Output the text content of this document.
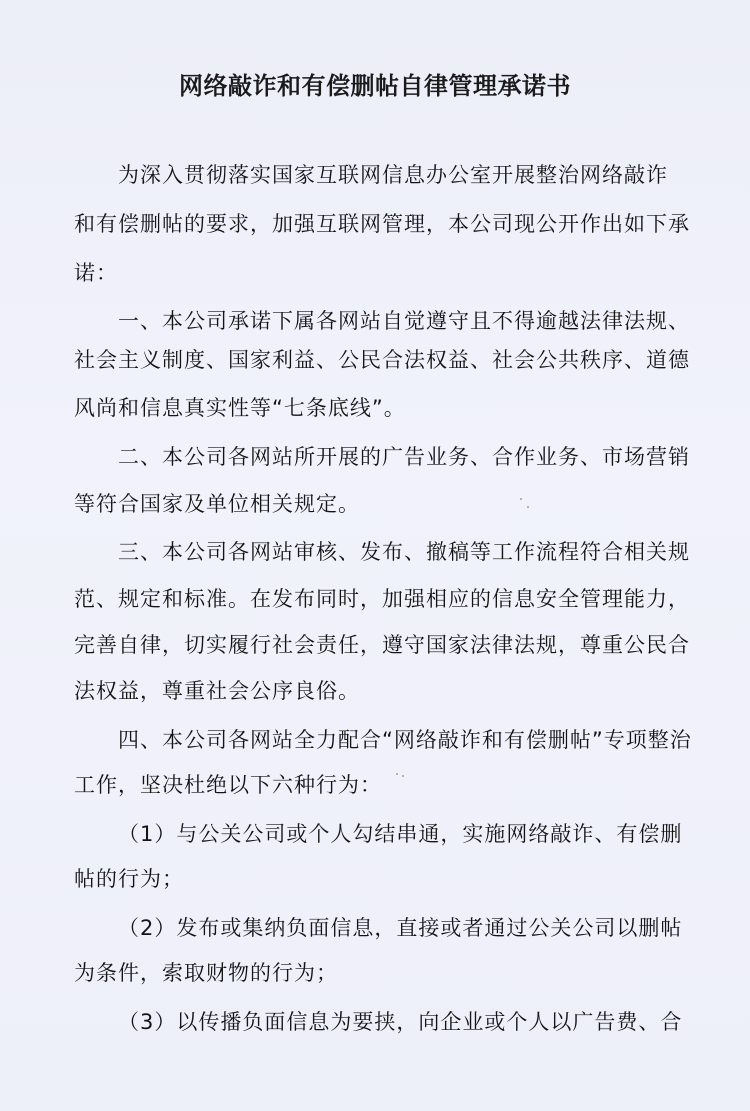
网络敲诈和有偿删帖自律管理承诺书
为深入贯彻落实国家互联网信息办公室开展整治网络敲诈
和有偿删帖的要求，加强互联网管理，本公司现公开作出如下承
诺：
一、本公司承诺下属各网站自觉遵守且不得逾越法律法规、
社会主义制度、国家利益、公民合法权益、社会公共秩序、道德
风尚和信息真实性等“七条底线”。
二、本公司各网站所开展的广告业务、合作业务、市场营销
等符合国家及单位相关规定。
三、本公司各网站审核、发布、撤稿等工作流程符合相关规
范、规定和标准。在发布同时，加强相应的信息安全管理能力，
完善自律，切实履行社会责任，遵守国家法律法规，尊重公民合
法权益，尊重社会公序良俗。
四、本公司各网站全力配合“网络敲诈和有偿删帖”专项整治
工作，坚决杜绝以下六种行为：
（1）与公关公司或个人勾结串通，实施网络敲诈、有偿删
帖的行为；
（2）发布或集纳负面信息，直接或者通过公关公司以删帖
为条件，索取财物的行为；
（3）以传播负面信息为要挟，向企业或个人以广告费、合
